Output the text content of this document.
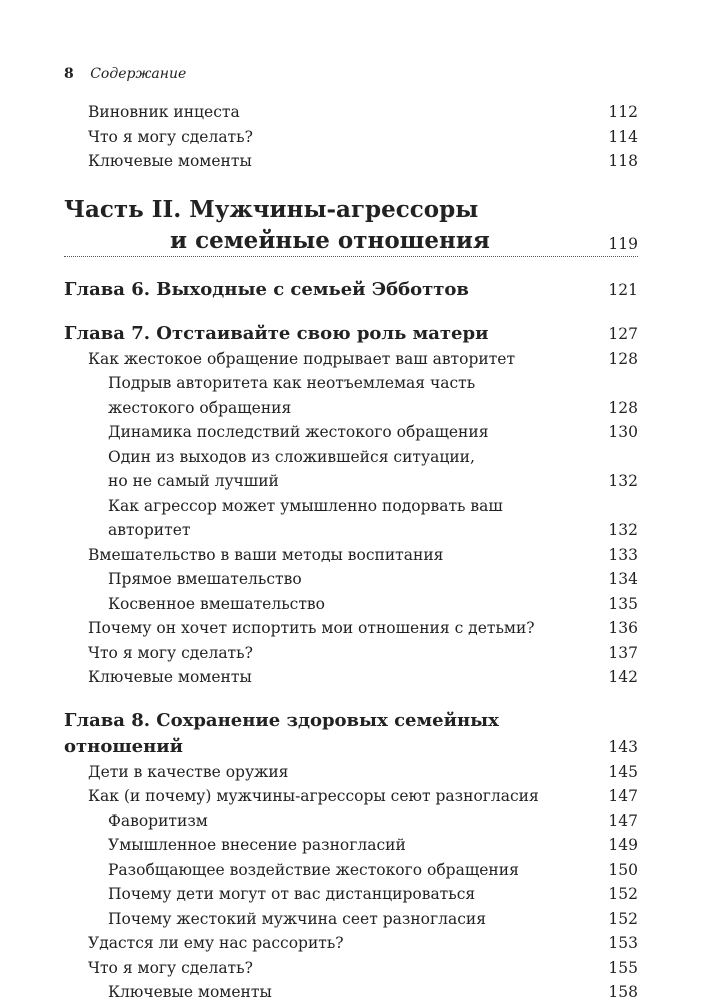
8 Содержание
Виновник инцеста	112
Что я могу сделать?	114
Ключевые моменты	118
Часть II. Мужчины-агрессоры
и семейные отношения	119
Глава 6. Выходные с семьей Эбботтов	121
Глава 7. Отстаивайте свою роль матери	127
Как жестокое обращение подрывает ваш авторитет	128
Подрыв авторитета как неотъемлемая часть
жестокого обращения	128
Динамика последствий жестокого обращения	130
Один из выходов из сложившейся ситуации,
но не самый лучший	132
Как агрессор может умышленно подорвать ваш авторитет	132
Вмешательство в ваши методы воспитания	133
Прямое вмешательство	134
Косвенное вмешательство	135
Почему он хочет испортить мои отношения с детьми?	136
Что я могу сделать?	137
Ключевые моменты	142
Глава 8. Сохранение здоровых семейных отношений	143
Дети в качестве оружия	145
Как (и почему) мужчины-агрессоры сеют разногласия	147
Фаворитизм	147
Умышленное внесение разногласий	149
Разобщающее воздействие жестокого обращения	150
Почему дети могут от вас дистанцироваться	152
Почему жестокий мужчина сеет разногласия	152
Удастся ли ему нас рассорить?	153
Что я могу сделать?	155
Ключевые моменты	158
